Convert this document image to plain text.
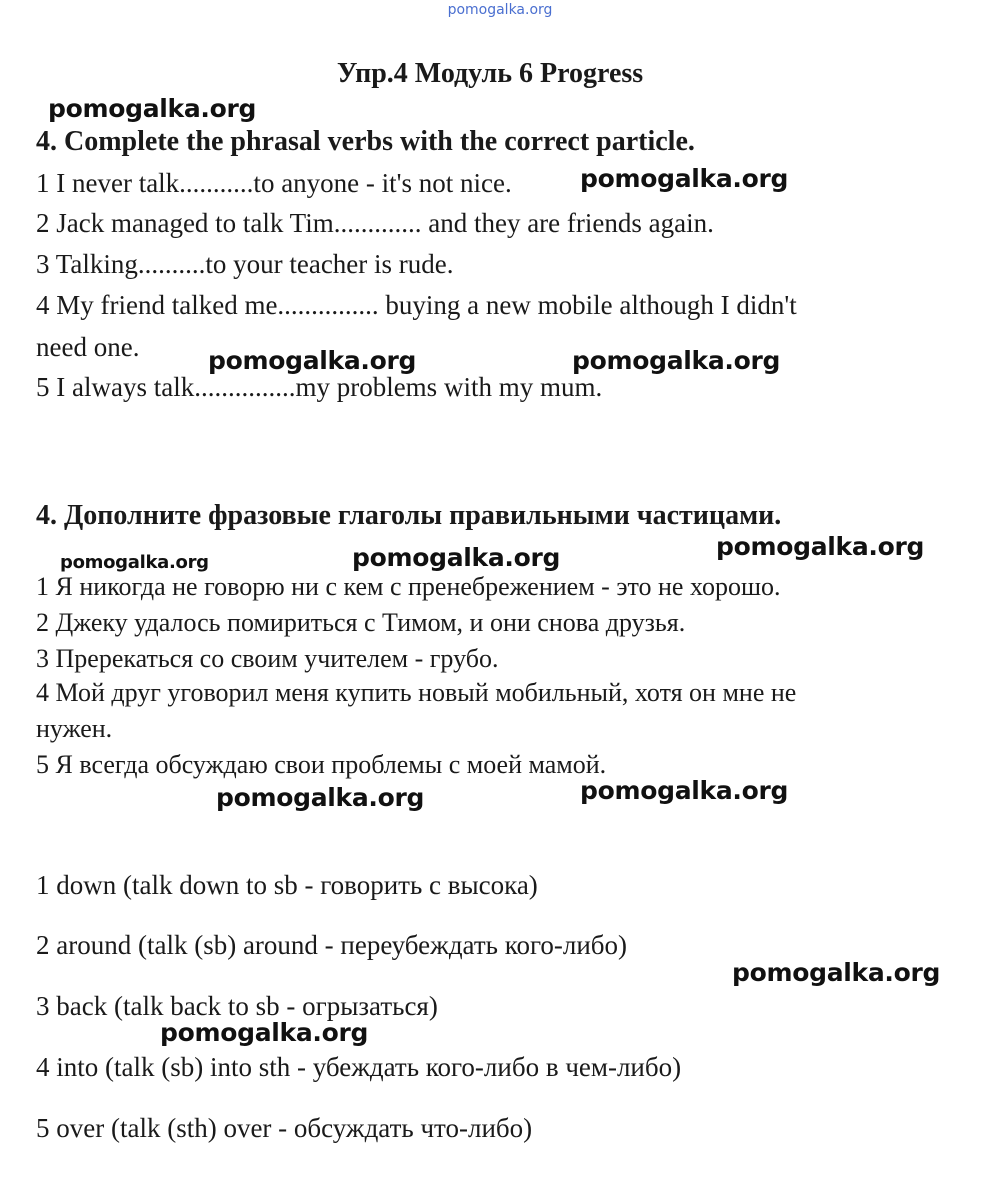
pomogalka.org
Упр.4 Модуль 6 Progress
4. Complete the phrasal verbs with the correct particle.
1 I never talk...........to anyone - it's not nice.
2 Jack managed to talk Tim............. and they are friends again.
3 Talking..........to your teacher is rude.
4 My friend talked me............... buying a new mobile although I didn't
need one.
5 I always talk...............my problems with my mum.
4. Дополните фразовые глаголы правильными частицами.
1 Я никогда не говорю ни с кем с пренебрежением - это не хорошо.
2 Джеку удалось помириться с Тимом, и они снова друзья.
3 Пререкаться со своим учителем - грубо.
4 Мой друг уговорил меня купить новый мобильный, хотя он мне не
нужен.
5 Я всегда обсуждаю свои проблемы с моей мамой.
1 down (talk down to sb - говорить с высока)
2 around (talk (sb) around - переубеждать кого-либо)
3 back (talk back to sb - огрызаться)
4 into (talk (sb) into sth - убеждать кого-либо в чем-либо)
5 over (talk (sth) over - обсуждать что-либо)
pomogalka.org
pomogalka.org
pomogalka.org	pomogalka.org
pomogalka.org	pomogalka.org	pomogalka.org
pomogalka.org	pomogalka.org
pomogalka.org
pomogalka.org
